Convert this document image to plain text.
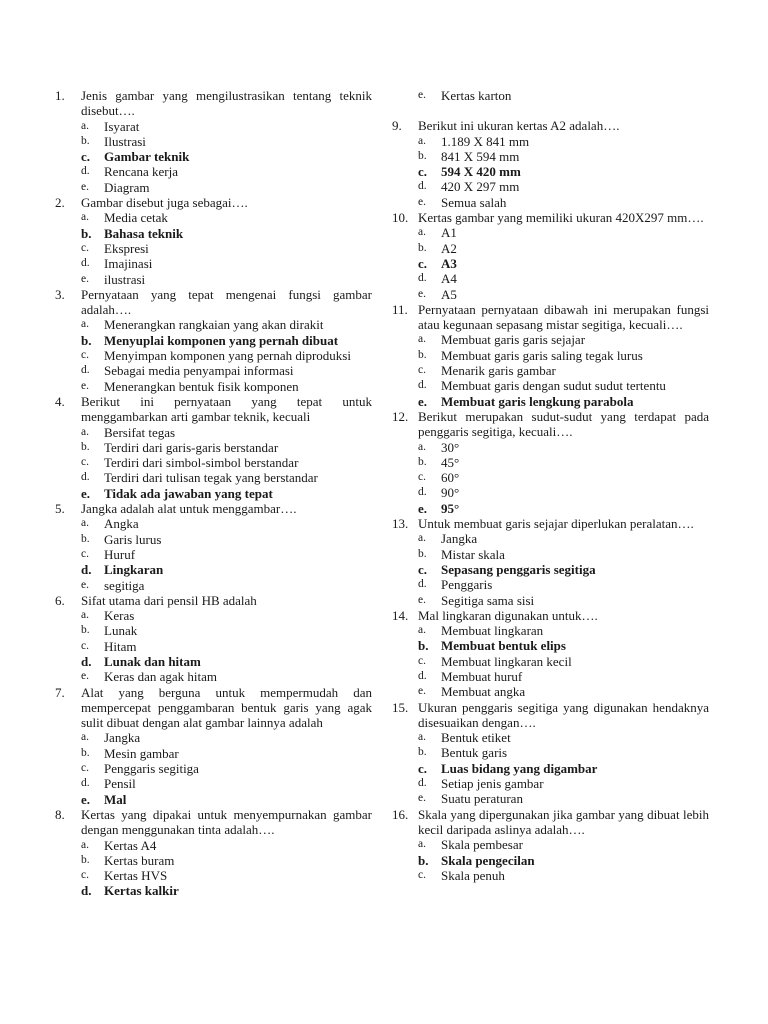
1.	Jenis gambar yang mengilustrasikan tentang teknik disebut….
a.	Isyarat
b.	Ilustrasi
c.	Gambar teknik
d.	Rencana kerja
e.	Diagram
2.	Gambar disebut juga sebagai….
a.	Media cetak
b. Bahasa teknik
c.	Ekspresi
d.	Imajinasi
e.	ilustrasi
3.	Pernyataan yang tepat mengenai fungsi gambar adalah….
a.	Menerangkan rangkaian yang akan dirakit
b. Menyuplai komponen yang pernah dibuat
c.	Menyimpan komponen yang pernah diproduksi
d.	Sebagai media penyampai informasi
e.	Menerangkan bentuk fisik komponen
4.	Berikut ini pernyataan yang tepat untuk menggambarkan arti gambar teknik, kecuali
a.	Bersifat tegas
b.	Terdiri dari garis-garis berstandar
c.	Terdiri dari simbol-simbol berstandar
d.	Terdiri dari tulisan tegak yang berstandar
e.	Tidak ada jawaban yang tepat
5.	Jangka adalah alat untuk menggambar….
a.	Angka
b.	Garis lurus
c.	Huruf
d. Lingkaran
e.	segitiga
6.	Sifat utama dari pensil HB adalah
a.	Keras
b.	Lunak
c.	Hitam
d. Lunak dan hitam
e.	Keras dan agak hitam
7.	Alat yang berguna untuk mempermudah dan mempercepat penggambaran bentuk garis yang agak sulit dibuat dengan alat gambar lainnya adalah
a.	Jangka
b.	Mesin gambar
c.	Penggaris segitiga
d.	Pensil
e.	Mal
8.	Kertas yang dipakai untuk menyempurnakan gambar dengan menggunakan tinta adalah….
a.	Kertas A4
b.	Kertas buram
c.	Kertas HVS
d. Kertas kalkir
e.	Kertas karton
9.	Berikut ini ukuran kertas A2 adalah….
a.	1.189 X 841 mm
b.	841 X 594 mm
c.	594 X 420 mm
d.	420 X 297 mm
e.	Semua salah
10. Kertas gambar yang memiliki ukuran 420X297 mm….
a.	A1
b.	A2
c.	A3
d.	A4
e.	A5
11. Pernyataan pernyataan dibawah ini merupakan fungsi atau kegunaan sepasang mistar segitiga, kecuali….
a.	Membuat garis garis sejajar
b.	Membuat garis garis saling tegak lurus
c.	Menarik garis gambar
d.	Membuat garis dengan sudut sudut tertentu
e.	Membuat garis lengkung parabola
12. Berikut merupakan sudut-sudut yang terdapat pada penggaris segitiga, kecuali….
a.	30°
b.	45°
c.	60°
d.	90°
e.	95°
13. Untuk membuat garis sejajar diperlukan peralatan….
a.	Jangka
b.	Mistar skala
c.	Sepasang penggaris segitiga
d.	Penggaris
e.	Segitiga sama sisi
14. Mal lingkaran digunakan untuk….
a.	Membuat lingkaran
b. Membuat bentuk elips
c.	Membuat lingkaran kecil
d.	Membuat huruf
e.	Membuat angka
15. Ukuran penggaris segitiga yang digunakan hendaknya disesuaikan dengan….
a.	Bentuk etiket
b.	Bentuk garis
c.	Luas bidang yang digambar
d.	Setiap jenis gambar
e.	Suatu peraturan
16. Skala yang dipergunakan jika gambar yang dibuat lebih kecil daripada aslinya adalah….
a.	Skala pembesar
b. Skala pengecilan
c.	Skala penuh
